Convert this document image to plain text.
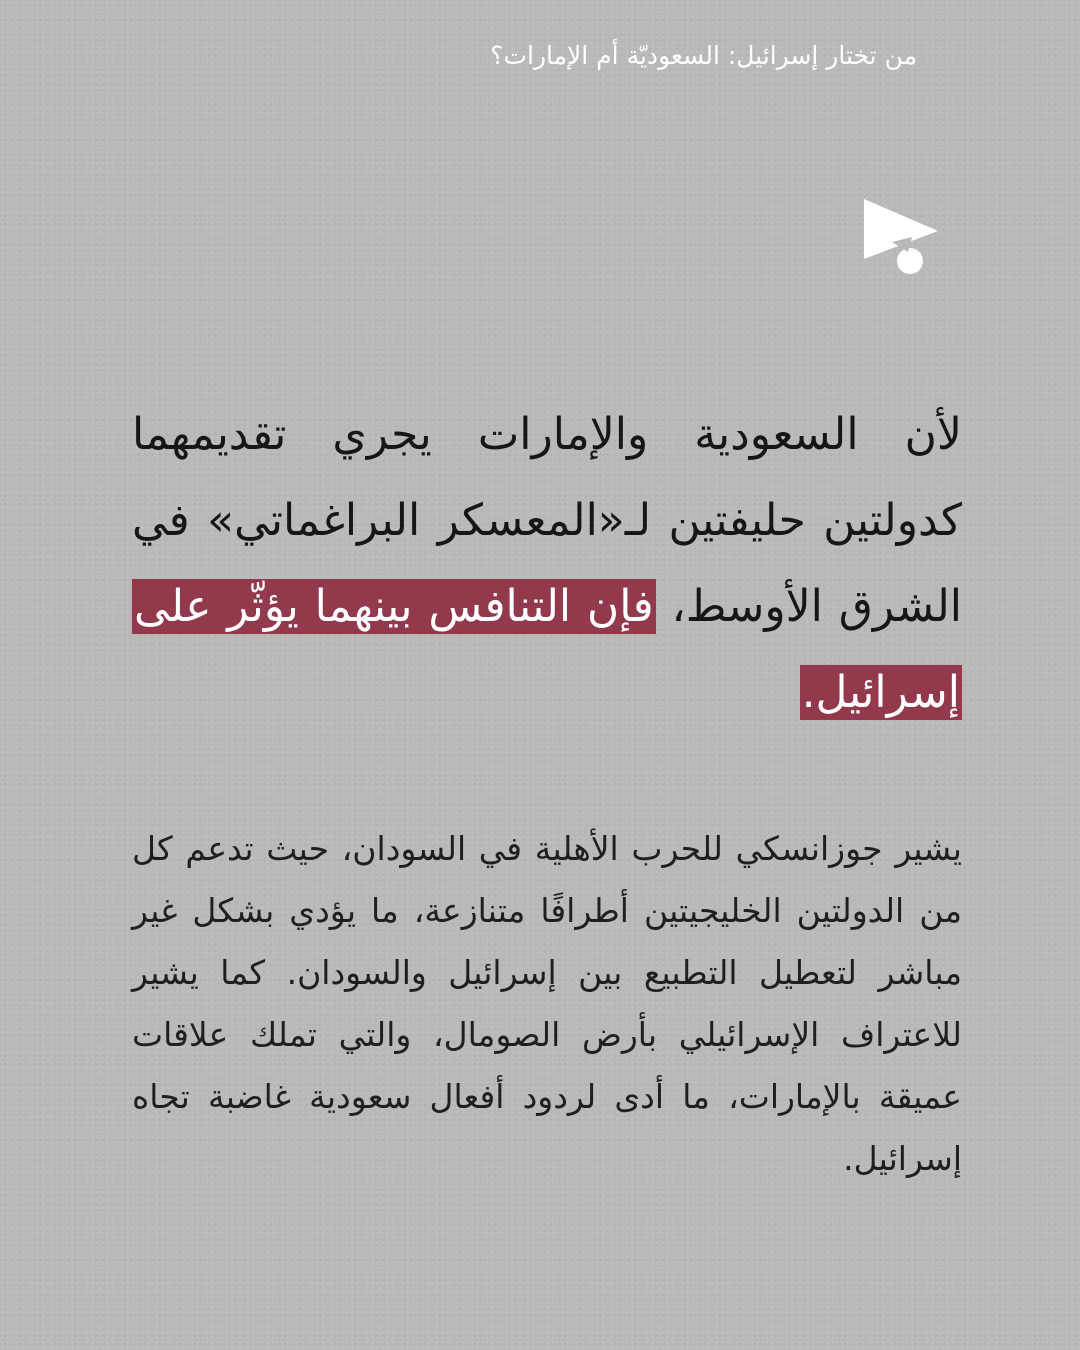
من تختار إسرائيل: السعوديّة أم الإمارات؟
لأن السعودية والإمارات يجري تقديمهما كدولتين حليفتين لـ«المعسكر البراغماتي» في الشرق الأوسط، فإن التنافس بينهما يؤثّر على إسرائيل.
يشير جوزانسكي للحرب الأهلية في السودان، حيث تدعم كل من الدولتين الخليجيتين أطرافًا متنازعة، ما يؤدي بشكل غير مباشر لتعطيل التطبيع بين إسرائيل والسودان. كما يشير للاعتراف الإسرائيلي بأرض الصومال، والتي تملك علاقات عميقة بالإمارات، ما أدى لردود أفعال سعودية غاضبة تجاه إسرائيل.
